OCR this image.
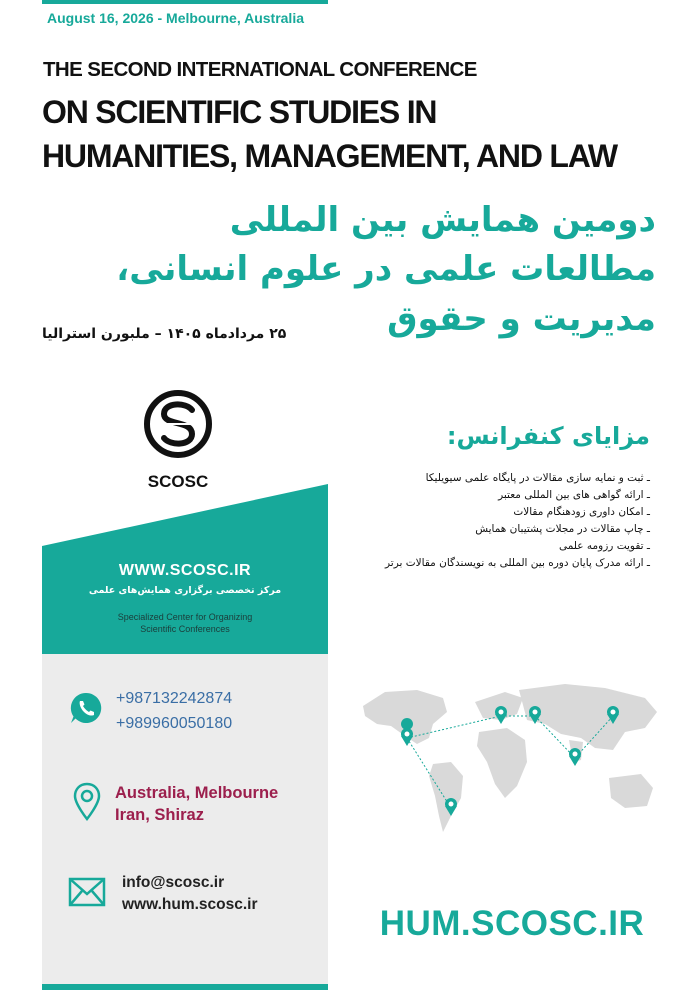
August 16, 2026 - Melbourne, Australia
THE SECOND INTERNATIONAL CONFERENCE
ON SCIENTIFIC STUDIES IN
HUMANITIES, MANAGEMENT, AND LAW
دومین همایش بین المللی
مطالعات علمی در علوم انسانی، مدیریت و حقوق
۲۵ مردادماه ۱۴۰۵ – ملبورن استرالیا
SCOSC
WWW.SCOSC.IR
مرکز تخصصی برگزاری همایش‌های علمی
Specialized Center for Organizing
Scientific Conferences
+987132242874
+989960050180
Australia, Melbourne
Iran, Shiraz
info@scosc.ir
www.hum.scosc.ir
مزایای کنفرانس:
ـ ثبت و نمایه سازی مقالات در پایگاه علمی سیویلیکا
ـ ارائه گواهی های بین المللی معتبر
ـ امکان داوری زودهنگام مقالات
ـ چاپ مقالات در مجلات پشتیبان همایش
ـ تقویت رزومه علمی
ـ ارائه مدرک پایان دوره بین المللی به نویسندگان مقالات برتر
HUM.SCOSC.IR
